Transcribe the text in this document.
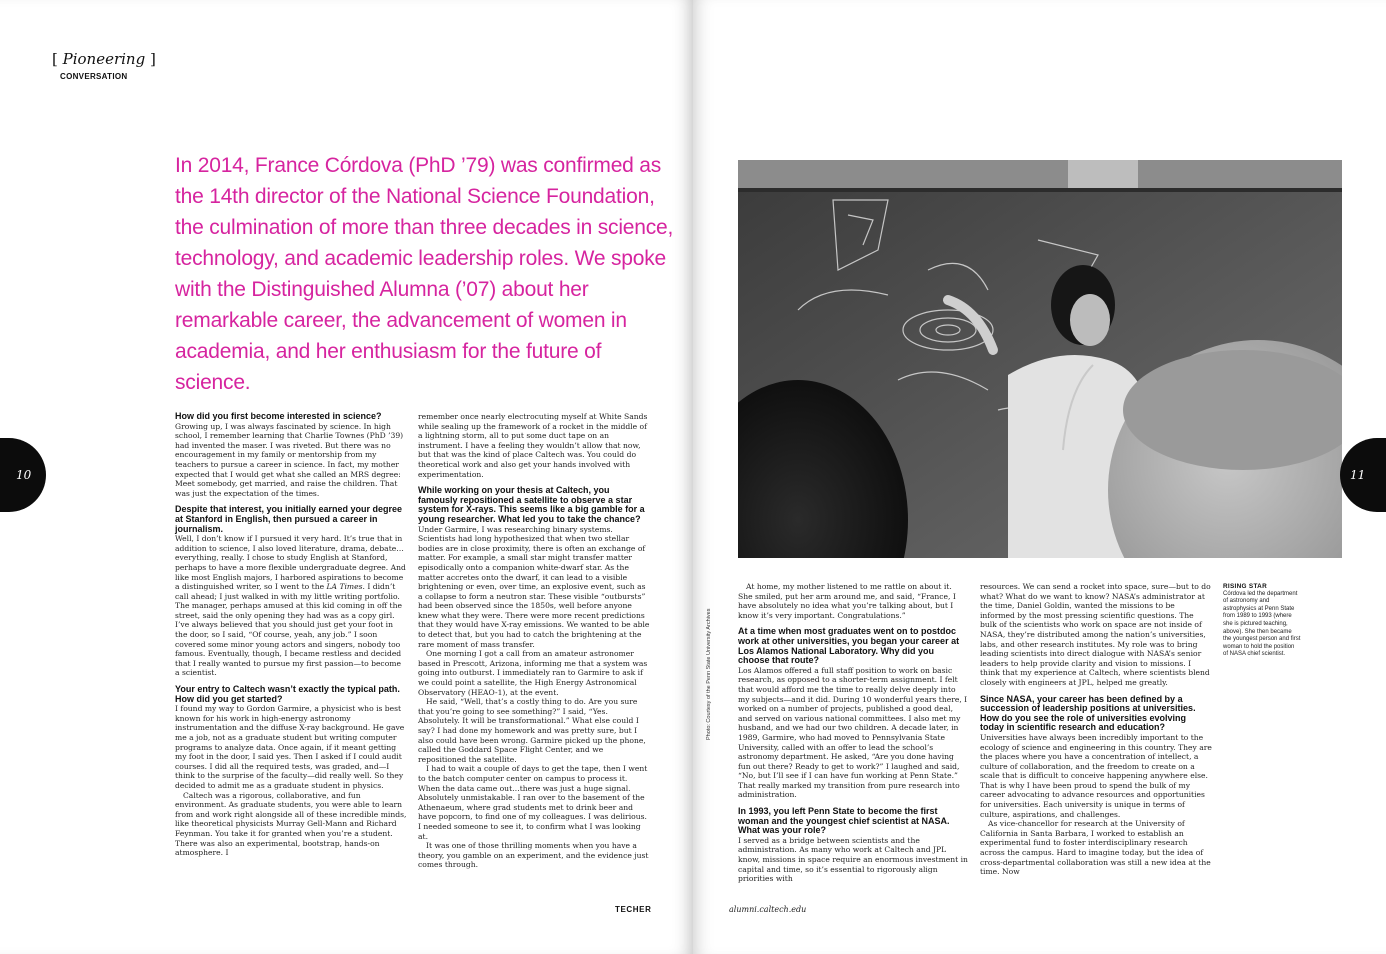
[ Pioneering ]
CONVERSATION

In 2014, France Córdova (PhD ’79) was confirmed as the 14th director of the National Science Foundation, the culmination of more than three decades in science, technology, and academic leadership roles. We spoke with the Distinguished Alumna (’07) about her remarkable career, the advancement of women in academia, and her enthusiasm for the future of science.

How did you first become interested in science?

Growing up, I was always fascinated by science. In high school, I remember learning that Charlie Townes (PhD ’39) had invented the maser. I was riveted. But there was no encouragement in my family or mentorship from my teachers to pursue a career in science. In fact, my mother expected that I would get what she called an MRS degree: Meet somebody, get married, and raise the children. That was just the expectation of the times.

Despite that interest, you initially earned your degree at Stanford in English, then pursued a career in journalism.

Well, I don’t know if I pursued it very hard. It’s true that in addition to science, I also loved literature, drama, debate…everything, really. I chose to study English at Stanford, perhaps to have a more flexible undergraduate degree. And like most English majors, I harbored aspirations to become a distinguished writer, so I went to the LA Times. I didn’t call ahead; I just walked in with my little writing portfolio. The manager, perhaps amused at this kid coming in off the street, said the only opening they had was as a copy girl. I’ve always believed that you should just get your foot in the door, so I said, “Of course, yeah, any job.” I soon covered some minor young actors and singers, nobody too famous. Eventually, though, I became restless and decided that I really wanted to pursue my first passion—to become a scientist.

Your entry to Caltech wasn’t exactly the typical path. How did you get started?

I found my way to Gordon Garmire, a physicist who is best known for his work in high-energy astronomy instrumentation and the diffuse X-ray background. He gave me a job, not as a graduate student but writing computer programs to analyze data. Once again, if it meant getting my foot in the door, I said yes. Then I asked if I could audit courses. I did all the required tests, was graded, and—I think to the surprise of the faculty—did really well. So they decided to admit me as a graduate student in physics.

Caltech was a rigorous, collaborative, and fun environment. As graduate students, you were able to learn from and work right alongside all of these incredible minds, like theoretical physicists Murray Gell-Mann and Richard Feynman. You take it for granted when you’re a student. There was also an experimental, bootstrap, hands-on atmosphere. I

remember once nearly electrocuting myself at White Sands while sealing up the framework of a rocket in the middle of a lightning storm, all to put some duct tape on an instrument. I have a feeling they wouldn’t allow that now, but that was the kind of place Caltech was. You could do theoretical work and also get your hands involved with experimentation.

While working on your thesis at Caltech, you famously repositioned a satellite to observe a star system for X-rays. This seems like a big gamble for a young researcher. What led you to take the chance?

Under Garmire, I was researching binary systems. Scientists had long hypothesized that when two stellar bodies are in close proximity, there is often an exchange of matter. For example, a small star might transfer matter episodically onto a companion white-dwarf star. As the matter accretes onto the dwarf, it can lead to a visible brightening or even, over time, an explosive event, such as a collapse to form a neutron star. These visible “outbursts” had been observed since the 1850s, well before anyone knew what they were. There were more recent predictions that they would have X-ray emissions. We wanted to be able to detect that, but you had to catch the brightening at the rare moment of mass transfer.

One morning I got a call from an amateur astronomer based in Prescott, Arizona, informing me that a system was going into outburst. I immediately ran to Garmire to ask if we could point a satellite, the High Energy Astronomical Observatory (HEAO-1), at the event.

He said, “Well, that’s a costly thing to do. Are you sure that you’re going to see something?” I said, “Yes. Absolutely. It will be transformational.” What else could I say? I had done my homework and was pretty sure, but I also could have been wrong. Garmire picked up the phone, called the Goddard Space Flight Center, and we repositioned the satellite.

I had to wait a couple of days to get the tape, then I went to the batch computer center on campus to process it. When the data came out…there was just a huge signal. Absolutely unmistakable. I ran over to the basement of the Athenaeum, where grad students met to drink beer and have popcorn, to find one of my colleagues. I was delirious. I needed someone to see it, to confirm what I was looking at.

It was one of those thrilling moments when you have a theory, you gamble on an experiment, and the evidence just comes through.

10
TECHER
Photo: Courtesy of the Penn State University Archives

At home, my mother listened to me rattle on about it. She smiled, put her arm around me, and said, “France, I have absolutely no idea what you’re talking about, but I know it’s very important. Congratulations.”

At a time when most graduates went on to postdoc work at other universities, you began your career at Los Alamos National Laboratory. Why did you choose that route?

Los Alamos offered a full staff position to work on basic research, as opposed to a shorter-term assignment. I felt that would afford me the time to really delve deeply into my subjects—and it did. During 10 wonderful years there, I worked on a number of projects, published a good deal, and served on various national committees. I also met my husband, and we had our two children. A decade later, in 1989, Garmire, who had moved to Pennsylvania State University, called with an offer to lead the school’s astronomy department. He asked, “Are you done having fun out there? Ready to get to work?” I laughed and said, “No, but I’ll see if I can have fun working at Penn State.” That really marked my transition from pure research into administration.

In 1993, you left Penn State to become the first woman and the youngest chief scientist at NASA. What was your role?

I served as a bridge between scientists and the administration. As many who work at Caltech and JPL know, missions in space require an enormous investment in capital and time, so it’s essential to rigorously align priorities with

resources. We can send a rocket into space, sure—but to do what? What do we want to know? NASA’s administrator at the time, Daniel Goldin, wanted the missions to be informed by the most pressing scientific questions. The bulk of the scientists who work on space are not inside of NASA, they’re distributed among the nation’s universities, labs, and other research institutes. My role was to bring leading scientists into direct dialogue with NASA’s senior leaders to help provide clarity and vision to missions. I think that my experience at Caltech, where scientists blend closely with engineers at JPL, helped me greatly.

Since NASA, your career has been defined by a succession of leadership positions at universities. How do you see the role of universities evolving today in scientific research and education?

Universities have always been incredibly important to the ecology of science and engineering in this country. They are the places where you have a concentration of intellect, a culture of collaboration, and the freedom to create on a scale that is difficult to conceive happening anywhere else. That is why I have been proud to spend the bulk of my career advocating to advance resources and opportunities for universities. Each university is unique in terms of culture, aspirations, and challenges.

As vice-chancellor for research at the University of California in Santa Barbara, I worked to establish an experimental fund to foster interdisciplinary research across the campus. Hard to imagine today, but the idea of cross-departmental collaboration was still a new idea at the time. Now

RISING STAR
Córdova led the department of astronomy and astrophysics at Penn State from 1989 to 1993 (where she is pictured teaching, above). She then became the youngest person and first woman to hold the position of NASA chief scientist.
11
alumni.caltech.edu
